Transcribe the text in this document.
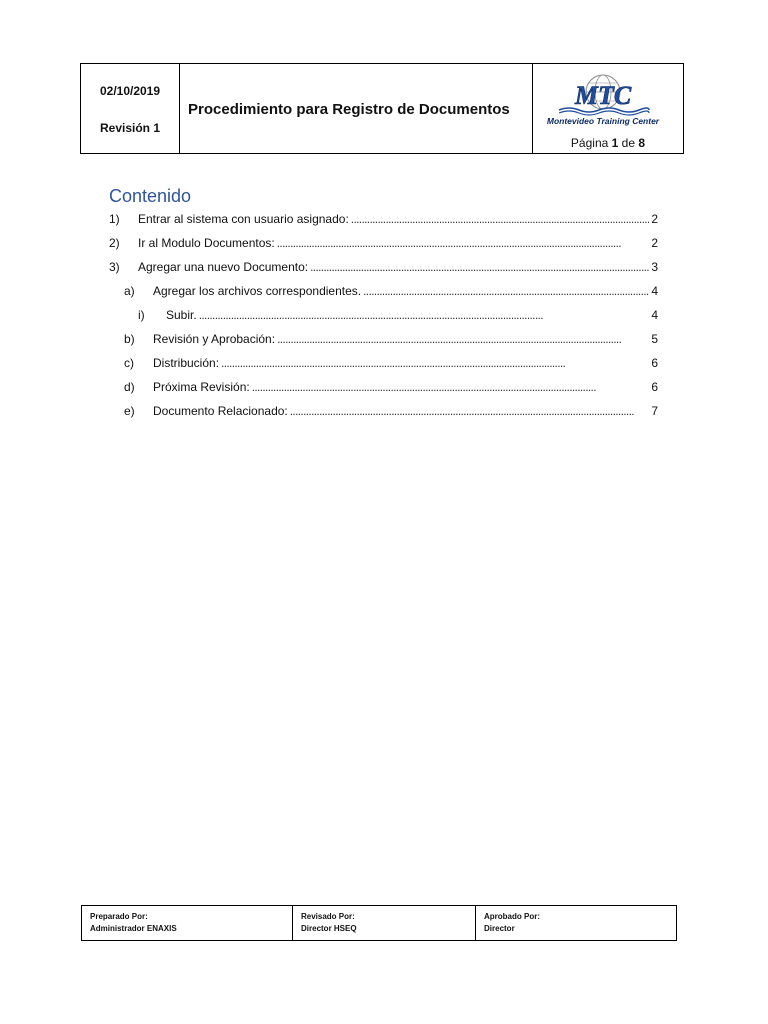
02/10/2019
Revisión 1
Procedimiento para Registro de Documentos	MTC
Montevideo Training Center
Página 1 de 8
Contenido
1)	Entrar al sistema con usuario asignado: . . .	2
2)	Ir al Modulo Documentos: . . .	2
3)	Agregar una nuevo Documento: . . .	3
a)	Agregar los archivos correspondientes. . . .	4
i)	Subir. . . .	4
b)	Revisión y Aprobación: . . .	5
c)	Distribución: . . .	6
d)	Próxima Revisión: . . .	6
e)	Documento Relacionado: . . .	7
Preparado Por:
Administrador ENAXIS
Revisado Por:
Director HSEQ
Aprobado Por:
Director
